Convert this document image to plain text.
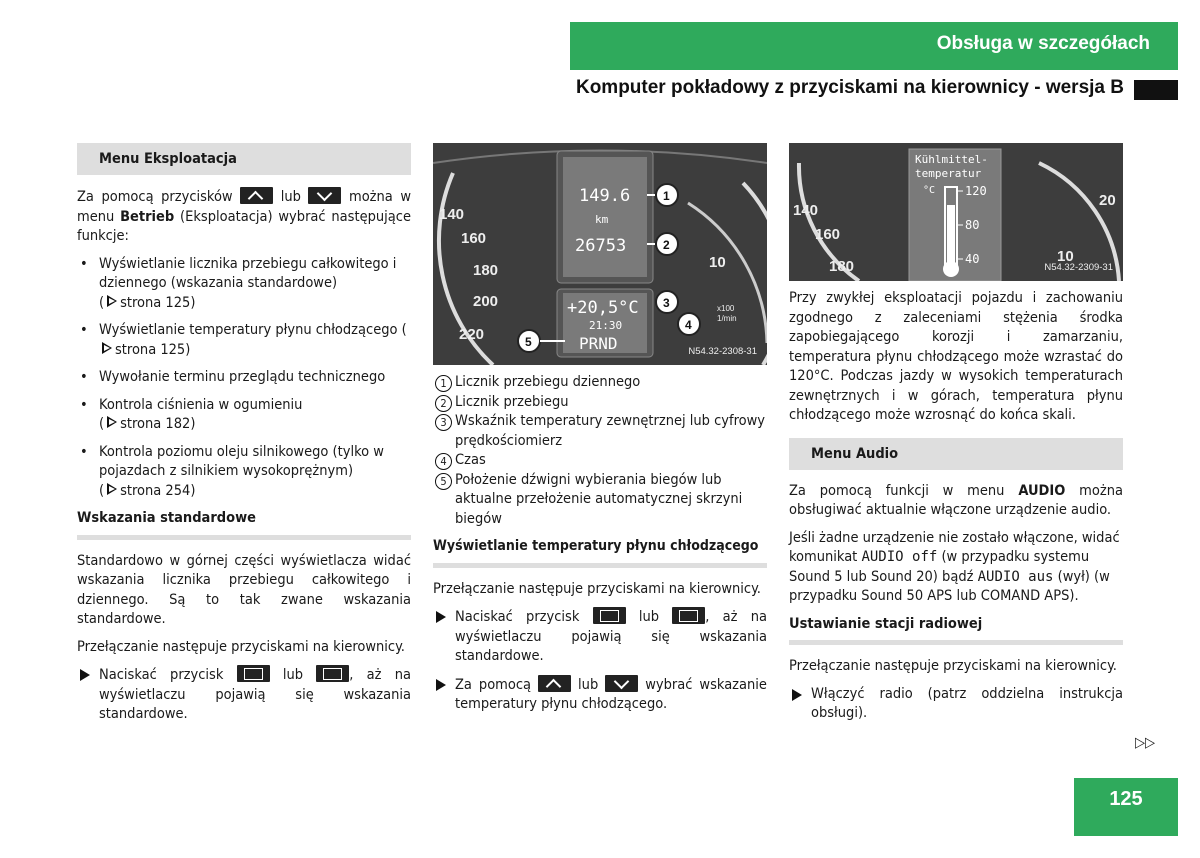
Obsługa w szczegółach
Komputer pokładowy z przyciskami na kierownicy - wersja B
Menu Eksploatacja

Za pomocą przycisków	lub	można w menu Betrieb (Eksploatacja) wybrać następujące funkcje:

• Wyświetlanie licznika przebiegu całkowitego i dziennego (wskazania standardowe)
( strona 125)
• Wyświetlanie temperatury płynu chłodzącego (strona 125)
• Wywołanie terminu przeglądu technicznego
• Kontrola ciśnienia w ogumieniu
( strona 182)
• Kontrola poziomu oleju silnikowego (tylko w pojazdach z silnikiem wysokoprężnym)
( strona 254)
Wskazania standardowe

Standardowo w górnej części wyświetlacza widać wskazania licznika przebiegu całkowitego i dziennego. Są to tak zwane wskazania standardowe.

Przełączanie następuje przyciskami na kierownicy.

Naciskać przycisk	lub	, aż na wyświetlaczu pojawią się wskazania standardowe.
140
160
180
200
220
10
x100
1/min
149.6
km
26753
+20,5°C
21:30
PRND
1
2
3
4
5
N54.32-2308-31
1 Licznik przebiegu dziennego
2 Licznik przebiegu
3 Wskaźnik temperatury zewnętrznej lub cyfrowy prędkościomierz
4 Czas
5 Położenie dźwigni wybierania biegów lub aktualne przełożenie automatycznej skrzyni biegów
Wyświetlanie temperatury płynu chłodzącego

Przełączanie następuje przyciskami na kierownicy.

Naciskać przycisk	lub	, aż na wyświetlaczu pojawią się wskazania standardowe.
Za pomocą	lub	wybrać wskazanie temperatury płynu chłodzącego.
140
160
180
20
10
Kühlmittel-
temperatur
°C 120
80
40
N54.32-2309-31

Przy zwykłej eksploatacji pojazdu i zachowaniu zgodnego z zaleceniami stężenia środka zapobiegającego korozji i zamarzaniu, temperatura płynu chłodzącego może wzrastać do 120°C. Podczas jazdy w wysokich temperaturach zewnętrznych i w górach, temperatura płynu chłodzącego może wzrosnąć do końca skali.

Menu Audio

Za pomocą funkcji w menu AUDIO można obsługiwać aktualnie włączone urządzenie audio.

Jeśli żadne urządzenie nie zostało włączone, widać komunikat AUDIO off (w przypadku systemu Sound 5 lub Sound 20) bądź AUDIO aus (wył) (w przypadku Sound 50 APS lub COMAND APS).

Ustawianie stacji radiowej

Przełączanie następuje przyciskami na kierownicy.

Włączyć radio (patrz oddzielna instrukcja obsługi).
▷▷
125
